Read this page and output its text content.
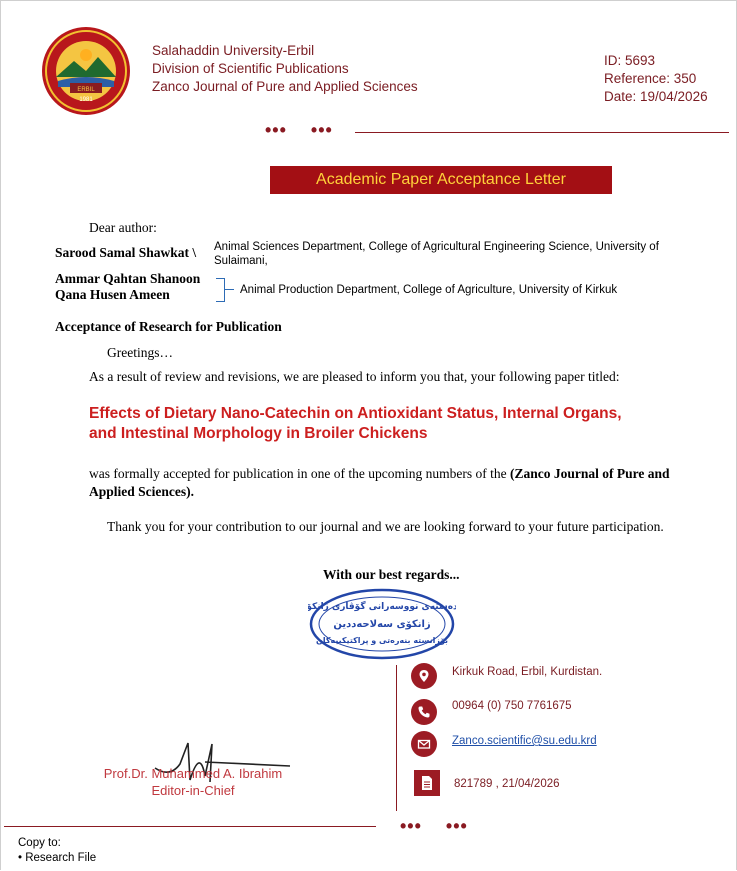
ERBIL
1981
Salahaddin University-Erbil
Division of Scientific Publications
Zanco Journal of Pure and Applied Sciences
ID: 5693
Reference: 350
Date: 19/04/2026
•••    •••
Academic Paper Acceptance Letter
Dear author:
Sarood Samal Shawkat \ Animal Sciences Department, College of Agricultural Engineering Science, University of Sulaimani,
Ammar Qahtan Shanoon
Qana Husen Ameen	Animal Production Department, College of Agriculture, University of Kirkuk
Acceptance of Research for Publication
Greetings…
As a result of review and revisions, we are pleased to inform you that, your following paper titled:
Effects of Dietary Nano-Catechin on Antioxidant Status, Internal Organs, and Intestinal Morphology in Broiler Chickens
was formally accepted for publication in one of the upcoming numbers of the (Zanco Journal of Pure and Applied Sciences).
Thank you for your contribution to our journal and we are looking forward to your future participation.
With our best regards...
دەستەی نووسەرانی گۆڤاری زانكۆ
زانكۆی سەلاحەددین
بۆزانستە بنەرەتی و پراكتیكییەكان
Prof.Dr. Muhammed A. Ibrahim
Editor-in-Chief
Kirkuk Road, Erbil, Kurdistan.
00964 (0) 750 7761675
Zanco.scientific@su.edu.krd
821789 , 21/04/2026
•••    •••
Copy to:
• Research File
